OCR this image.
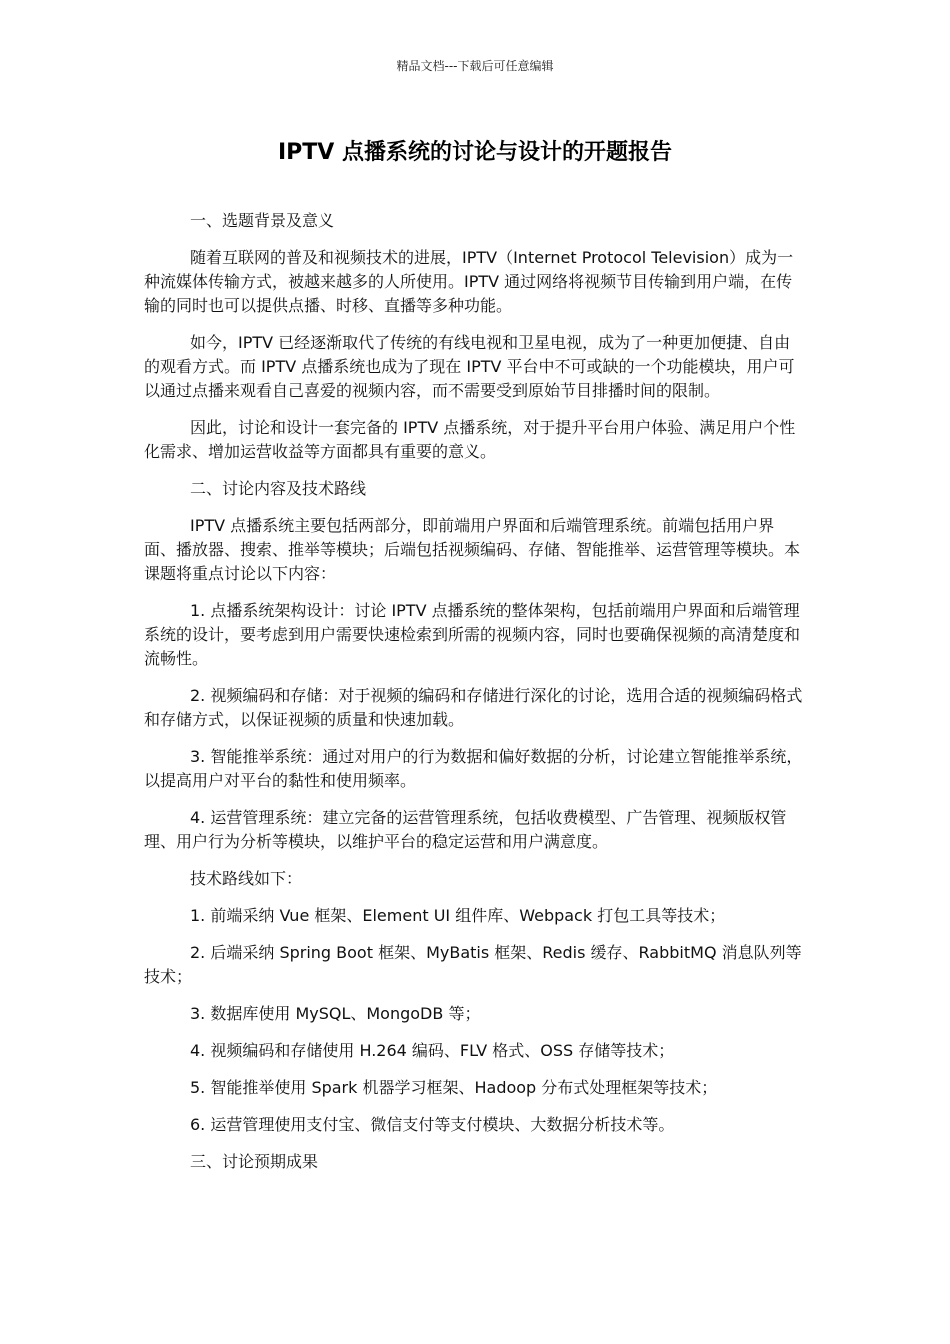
精品文档---下载后可任意编辑
IPTV 点播系统的讨论与设计的开题报告

一、选题背景及意义

随着互联网的普及和视频技术的进展，IPTV（Internet Protocol Television）成为一种流媒体传输方式，被越来越多的人所使用。IPTV 通过网络将视频节目传输到用户端，在传输的同时也可以提供点播、时移、直播等多种功能。

如今，IPTV 已经逐渐取代了传统的有线电视和卫星电视，成为了一种更加便捷、自由的观看方式。而 IPTV 点播系统也成为了现在 IPTV 平台中不可或缺的一个功能模块，用户可以通过点播来观看自己喜爱的视频内容，而不需要受到原始节目排播时间的限制。

因此，讨论和设计一套完备的 IPTV 点播系统，对于提升平台用户体验、满足用户个性化需求、增加运营收益等方面都具有重要的意义。

二、讨论内容及技术路线

IPTV 点播系统主要包括两部分，即前端用户界面和后端管理系统。前端包括用户界面、播放器、搜索、推举等模块；后端包括视频编码、存储、智能推举、运营管理等模块。本课题将重点讨论以下内容：

1. 点播系统架构设计：讨论 IPTV 点播系统的整体架构，包括前端用户界面和后端管理系统的设计，要考虑到用户需要快速检索到所需的视频内容，同时也要确保视频的高清楚度和流畅性。

2. 视频编码和存储：对于视频的编码和存储进行深化的讨论，选用合适的视频编码格式和存储方式，以保证视频的质量和快速加载。

3. 智能推举系统：通过对用户的行为数据和偏好数据的分析，讨论建立智能推举系统，以提高用户对平台的黏性和使用频率。

4. 运营管理系统：建立完备的运营管理系统，包括收费模型、广告管理、视频版权管理、用户行为分析等模块，以维护平台的稳定运营和用户满意度。

技术路线如下：

1. 前端采纳 Vue 框架、Element UI 组件库、Webpack 打包工具等技术；

2. 后端采纳 Spring Boot 框架、MyBatis 框架、Redis 缓存、RabbitMQ 消息队列等技术；

3. 数据库使用 MySQL、MongoDB 等；

4. 视频编码和存储使用 H.264 编码、FLV 格式、OSS 存储等技术；

5. 智能推举使用 Spark 机器学习框架、Hadoop 分布式处理框架等技术；

6. 运营管理使用支付宝、微信支付等支付模块、大数据分析技术等。

三、讨论预期成果
